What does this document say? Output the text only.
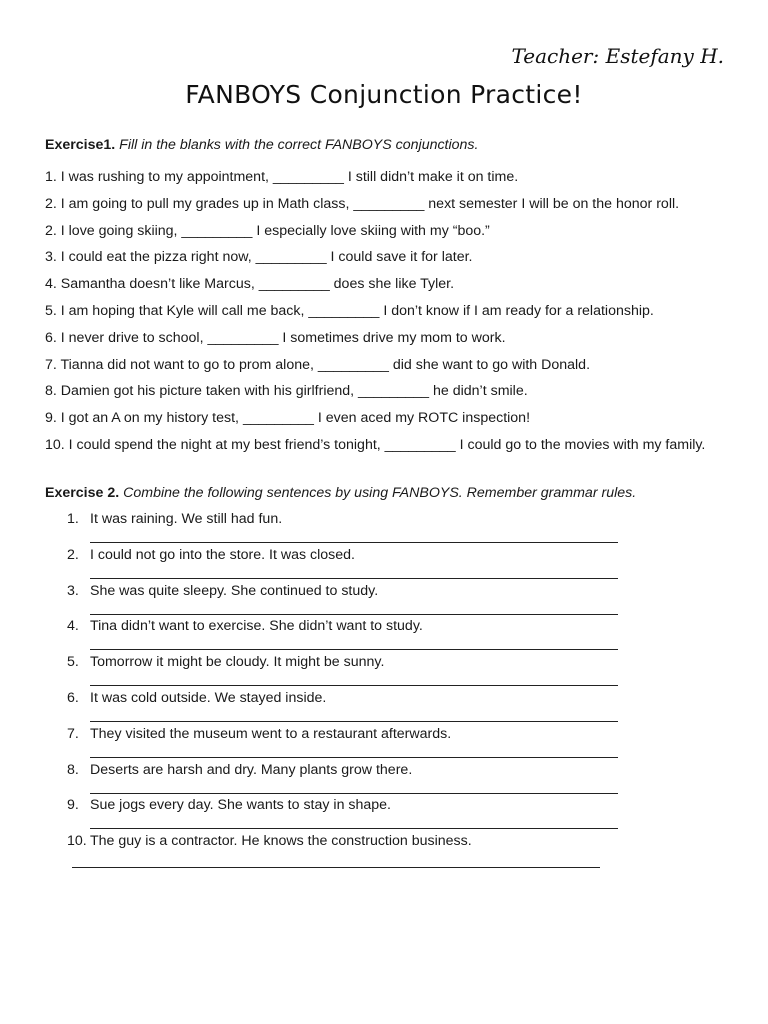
Teacher: Estefany H.
FANBOYS Conjunction Practice!
Exercise1. Fill in the blanks with the correct FANBOYS conjunctions.
1. I was rushing to my appointment, _________ I still didn’t make it on time.
2. I am going to pull my grades up in Math class, _________ next semester I will be on the honor roll.
2. I love going skiing, _________ I especially love skiing with my “boo.”
3. I could eat the pizza right now, _________ I could save it for later.
4. Samantha doesn’t like Marcus, _________ does she like Tyler.
5. I am hoping that Kyle will call me back, _________ I don’t know if I am ready for a relationship.
6. I never drive to school, _________ I sometimes drive my mom to work.
7. Tianna did not want to go to prom alone, _________ did she want to go with Donald.
8. Damien got his picture taken with his girlfriend, _________ he didn’t smile.
9. I got an A on my history test, _________ I even aced my ROTC inspection!
10. I could spend the night at my best friend’s tonight, _________ I could go to the movies with my family.
Exercise 2. Combine the following sentences by using FANBOYS. Remember grammar rules.
1. It was raining. We still had fun.
2. I could not go into the store. It was closed.
3. She was quite sleepy. She continued to study.
4. Tina didn’t want to exercise. She didn’t want to study.
5. Tomorrow it might be cloudy. It might be sunny.
6. It was cold outside. We stayed inside.
7. They visited the museum went to a restaurant afterwards.
8. Deserts are harsh and dry. Many plants grow there.
9. Sue jogs every day. She wants to stay in shape.
10. The guy is a contractor. He knows the construction business.
